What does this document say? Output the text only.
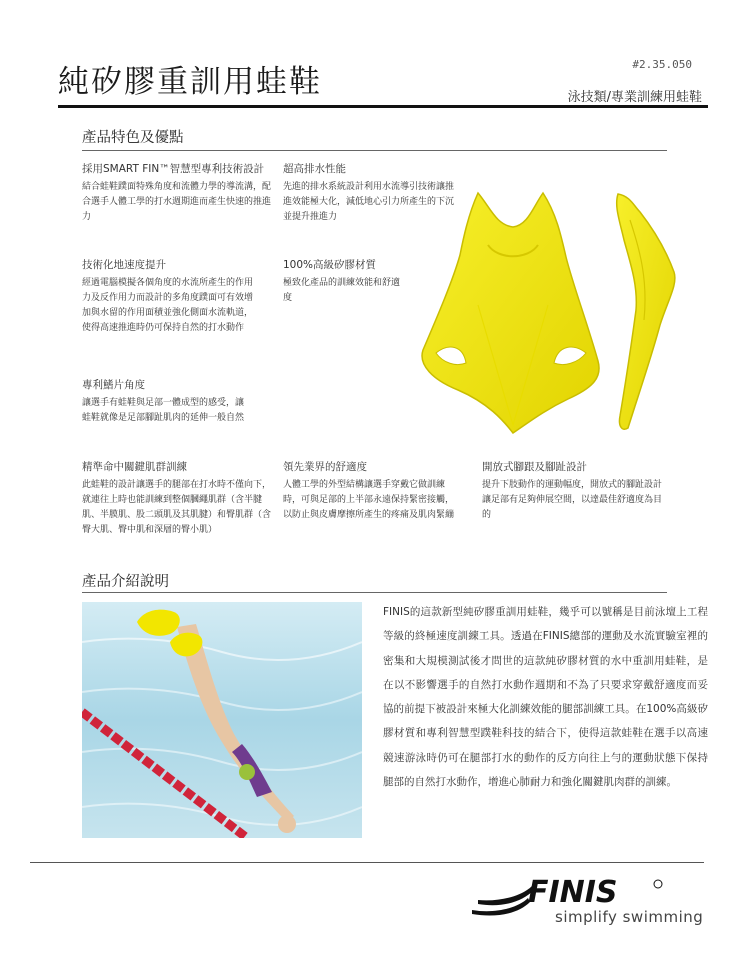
#2.35.050
純矽膠重訓用蛙鞋	泳技類/專業訓練用蛙鞋
產品特色及優點
採用SMART FIN™智慧型專利技術設計
結合蛙鞋蹼面特殊角度和流體力學的導流溝，配合選手人體工學的打水週期進而產生快速的推進力
超高排水性能
先進的排水系統設計利用水流導引技術讓推進效能極大化，減低地心引力所產生的下沉並提升推進力
技術化地速度提升
經過電腦模擬各個角度的水流所產生的作用力及反作用力而設計的多角度蹼面可有效增加與水留的作用面積並強化側面水流軌道，使得高速推進時仍可保持自然的打水動作
100%高級矽膠材質
極致化產品的訓練效能和舒適度
專利鰭片角度
讓選手有蛙鞋與足部一體成型的感受，讓蛙鞋就像是足部腳趾肌肉的延伸一般自然
精準命中關鍵肌群訓練
此蛙鞋的設計讓選手的腿部在打水時不僅向下，就連往上時也能訓練到整個膕繩肌群（含半腱肌、半膜肌、股二頭肌及其肌腱）和臀肌群（含臀大肌、臀中肌和深層的臀小肌）
領先業界的舒適度
人體工學的外型結構讓選手穿戴它做訓練時，可與足部的上半部永遠保持緊密接觸，以防止與皮膚摩擦所產生的疼痛及肌肉緊繃
開放式腳跟及腳趾設計
提升下肢動作的運動幅度，開放式的腳趾設計讓足部有足夠伸展空間，以達最佳舒適度為目的
產品介紹說明
FINIS的這款新型純矽膠重訓用蛙鞋，幾乎可以號稱是目前泳壇上工程等級的終極速度訓練工具。透過在FINIS總部的運動及水流實驗室裡的密集和大規模測試後才問世的這款純矽膠材質的水中重訓用蛙鞋，是在以不影響選手的自然打水動作週期和不為了只要求穿戴舒適度而妥協的前提下被設計來極大化訓練效能的腿部訓練工具。在100%高級矽膠材質和專利智慧型蹼鞋科技的結合下，使得這款蛙鞋在選手以高速競速游泳時仍可在腿部打水的動作的反方向往上勻的運動狀態下保持腿部的自然打水動作，增進心肺耐力和強化關鍵肌肉群的訓練。
FINIS
simplify swimming
